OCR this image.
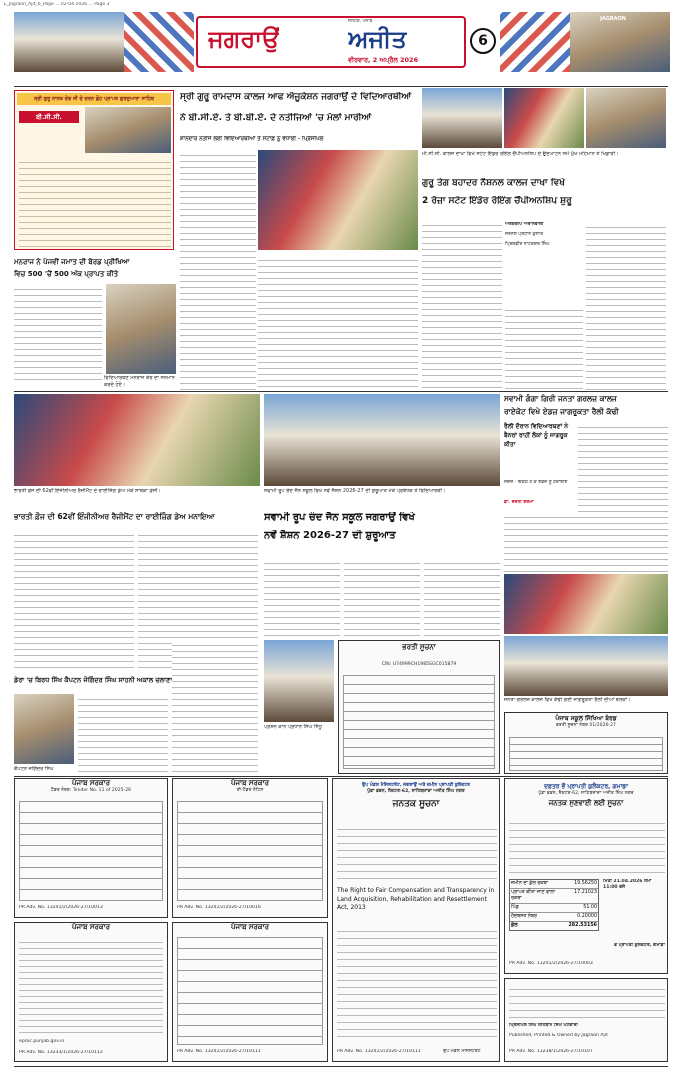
L_Jagraon_Ajit_6_Page ... 02-04-2026 ... Page 3
ਜਗਰਾਉਂ	ਅਜੀਤ
ਵੀਰਵਾਰ, 2 ਅਪ੍ਰੈਲ 2026
ਜਲੰਧਰ, ਪੰਜਾਬ
6
JAGRAON
ਸ੍ਰੀ ਗੁਰੂ ਨਾਨਕ ਦੇਵ ਜੀ ਦੇ ਚਰਨ ਛੋਹ ਪ੍ਰਾਪਤ ਗੁਰਦੁਆਰਾ ਸਾਹਿਬ
ਬੀ.ਸੀ.ਸੀ.
ਸ੍ਰੀ ਗੁਰੂ ਰਾਮਦਾਸ ਕਾਲਜ ਆਫ ਐਜੂਕੇਸ਼ਨ ਜਗਰਾਉਂ ਦੇ ਵਿਦਿਆਰਥੀਆਂ
ਨੇ ਬੀ.ਸੀ.ਏ. ਤੇ ਬੀ.ਬੀ.ਏ. ਦੇ ਨਤੀਜਿਆਂ 'ਚ ਮੱਲਾਂ ਮਾਰੀਆਂ
ਸ਼ਾਨਦਾਰ ਨਤੀਜੇ ਲਈ ਵਿਦਿਆਰਥੀਆਂ ਤੇ ਸਟਾਫ਼ ਨੂੰ ਵਧਾਈ - ਪ੍ਰਿੰਸੀਪਲ
ਮਨਰਾਜ ਨੇ ਪੰਜਵੀਂ ਜਮਾਤ ਦੀ ਬੋਰਡ ਪ੍ਰੀਖਿਆ
ਵਿਚ 500 'ਚੋਂ 500 ਅੰਕ ਪ੍ਰਾਪਤ ਕੀਤੇ
ਵਿਦਿਆਰਥਣ ਮਨਰਾਜ ਕੌਰ ਦਾ ਸਨਮਾਨ ਕਰਦੇ ਹੋਏ।
ਮੀ.ਸੀ.ਸੀ. ਕਾਲਜ ਦਾਖਾ ਵਿਖੇ ਸਟੇਟ ਇੰਡੋਰ ਰੋਇੰਗ ਚੈਂਪੀਅਨਸ਼ਿਪ ਦੇ ਉਦਘਾਟਨ ਸਮੇਂ ਮੁੱਖ ਮਹਿਮਾਨ ਤੇ ਖਿਡਾਰੀ।
ਗੁਰੂ ਤੇਗ ਬਹਾਦਰ ਨੈਸ਼ਨਲ ਕਾਲਜ ਦਾਖਾ ਵਿਖੇ
2 ਰੋਜ਼ਾ ਸਟੇਟ ਇੰਡੋਰ ਰੋਇੰਗ ਚੈਂਪੀਅਨਸ਼ਿਪ ਸ਼ੁਰੂ
ਅਰਸ਼ਦੀਪ ਐਰਾਨਵਾਲੀ
ਜਰਨਲ ਪ੍ਰਧਾਨ ਕੁਲਾਰ
ਪ੍ਰਿਥਵੀਰ ਨਾਟਕਦਰ ਸਿੰਘ
ਭਾਰਤੀ ਫ਼ੌਜ ਦੀ 62ਵੀਂ ਇੰਜੀਨੀਅਰ ਰੈਜੀਮੈਂਟ ਦੇ ਰਾਈਜ਼ਿੰਗ ਡੇਅ ਮੌਕੇ ਸਾਬਕਾ ਫ਼ੌਜੀ।	ਸਵਾਮੀ ਰੂਪ ਚੰਦ ਜੈਨ ਸਕੂਲ ਵਿਖੇ ਨਵੇਂ ਸੈਸ਼ਨ 2026-27 ਦੀ ਸ਼ੁਰੂਆਤ ਮੌਕੇ ਪ੍ਰਬੰਧਕ ਤੇ ਵਿਦਿਆਰਥੀ।
ਸਵਾਮੀ ਗੰਗਾ ਗਿਰੀ ਜਨਤਾ ਗਰਲਜ਼ ਕਾਲਜ
ਰਾਏਕੋਟ ਵਿਖੇ ਏਡਜ਼ ਜਾਗਰੂਕਤਾ ਰੈਲੀ ਕੱਢੀ
ਰੈਲੀ ਦੌਰਾਨ ਵਿਦਿਆਰਥਣਾਂ ਨੇ ਬੈਨਰਾਂ ਰਾਹੀਂ ਲੋਕਾਂ ਨੂੰ ਜਾਗਰੂਕ ਕੀਤਾ
ਸੰਦੇਸ਼ - ਇਕੱਠੇ ਹੋ ਕੇ ਏਡਜ਼ ਨੂੰ ਹਰਾਈਏ
ਡਾ. ਰਜਨੀ ਸ਼ਰਮਾ
ਜਨਤਾ ਗਰਲਜ਼ ਕਾਲਜ ਵਿਖੇ ਕੱਢੀ ਗਈ ਜਾਗਰੂਕਤਾ ਰੈਲੀ ਦੀਆਂ ਝਲਕਾਂ।
ਭਾਰਤੀ ਫ਼ੌਜ ਦੀ 62ਵੀਂ ਇੰਜੀਨੀਅਰ ਰੈਜੀਮੈਂਟ ਦਾ ਰਾਈਜ਼ਿੰਗ ਡੇਅ ਮਨਾਇਆ	ਸਵਾਮੀ ਰੂਪ ਚੰਦ ਜੈਨ ਸਕੂਲ ਜਗਰਾਉਂ ਵਿਖੇ
ਨਵੇਂ ਸ਼ੈਸ਼ਨ 2026-27 ਦੀ ਸ਼ੁਰੂਆਤ
ਡੇਰਾ 'ਚ ਬਿਰਧ ਸਿੱਖ ਕੈਪਟਨ ਜੋਗਿੰਦਰ ਸਿੰਘ ਸਾਹਨੀ ਅਕਾਲ ਚਲਾਣਾ
ਕੈਪਟਨ ਜੋਗਿੰਦਰ ਸਿੰਘ
ਪ੍ਰਸ਼ਨ ਕਾਨ ਪ੍ਰਧਾਨ ਸਿੰਘ ਸਿੱਧੂ
ਭਰਤੀ ਸੂਚਨਾ
CIN: U74999CH1985SGC015879
ਪੰਜਾਬ ਸਕੂਲ ਸਿੱਖਿਆ ਬੋਰਡ
ਭਰਤੀ ਸੂਚਨਾ ਨੰਬਰ 01/2026-27
ਪੰਜਾਬ ਸਰਕਾਰ
ਟੈਂਡਰ ਨੰਬਰ: Tender No. 11 of 2025-26
PR Adv. No. 13241/2/2026-27/10013
ਪੰਜਾਬ ਸਰਕਾਰ
ਈ-ਟੈਂਡਰ ਨੋਟਿਸ
PR Adv. No. 13241/2/2026-27/10016
ਪੰਜਾਬ ਸਰਕਾਰ
eproc.punjab.gov.in
PR Adv. No. 13233/1/2026-27/10112
ਪੰਜਾਬ ਸਰਕਾਰ
PR Adv. No. 13241/2/2026-27/10111
ਉਪ ਮੰਡਲ ਮੈਜਿਸਟਰੇਟ, ਜਗਰਾਉਂ ਅਤੇ ਜ਼ਮੀਨ ਪ੍ਰਾਪਤੀ ਕੁਲੈਕਟਰ
ਪੁੱਡਾ ਭਵਨ, ਸੈਕਟਰ-62, ਸਾਹਿਬਜ਼ਾਦਾ ਅਜੀਤ ਸਿੰਘ ਨਗਰ
ਜਨਤਕ ਸੂਚਨਾ
The Right to Fair Compensation and Transparency in Land Acquisition, Rehabilitation and Resettlement Act, 2013
PR Adv. No. 13241/2/2026-27/10111	ਉਪ ਮੰਡਲ ਮੈਜਿਸਟਰੇਟ
ਦਫ਼ਤਰ ਭੌਂ ਪ੍ਰਾਪਤੀ ਕੁਲੈਕਟਰ, ਗਮਾਡਾ
ਪੁੱਡਾ ਭਵਨ, ਸੈਕਟਰ-62, ਸਾਹਿਬਜ਼ਾਦਾ ਅਜੀਤ ਸਿੰਘ ਨਗਰ
ਜਨਤਕ ਸੁਣਵਾਈ ਲਈ ਸੂਚਨਾ
ਜ਼ਮੀਨ ਦਾ ਕੁੱਲ ਰਕਬਾ	19.56250
ਪ੍ਰਾਪਤ ਕੀਤਾ ਜਾਣ ਵਾਲਾ ਰਕਬਾ
17.21023
ਪਿੰਡ	51.00
ਹੱਦਬਸਤ ਨੰਬਰ	0.20000
ਕੁੱਲ	282.53156
ਮਿਤੀ 21.04.2026 ਸਮਾਂ 11:00 ਵਜੇ
ਭੌਂ ਪ੍ਰਾਪਤੀ ਕੁਲੈਕਟਰ, ਗਮਾਡਾ
PR Adv. No. 13241/2/2026-27/10003
ਪ੍ਰਿੰਸੀਪਲ ਸਿੰਘ ਸਹਿਬਾਨ ਸਿੰਘ ਪਟਵਾਰੀ
Published, Printed & Owned by Jagraon Ajit
PR Adv. No. 13238/1/2026-27/10107
